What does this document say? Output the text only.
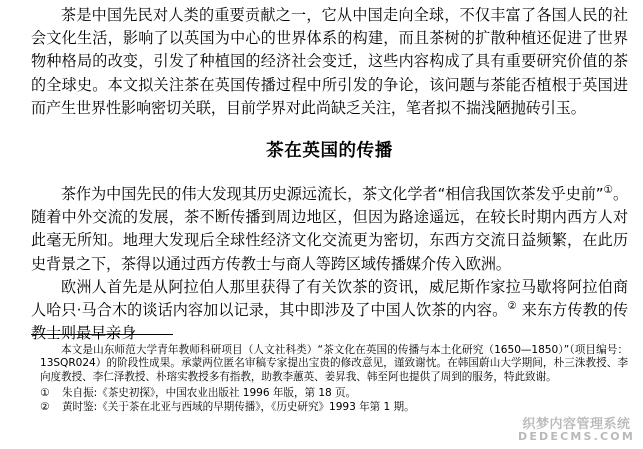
茶是中国先民对人类的重要贡献之一，它从中国走向全球，不仅丰富了各国人民的社会文化生活，影响了以英国为中心的世界体系的构建，而且茶树的扩散种植还促进了世界物种格局的改变，引发了种植国的经济社会变迁，这些内容构成了具有重要研究价值的茶的全球史。本文拟关注茶在英国传播过程中所引发的争论，该问题与茶能否植根于英国进而产生世界性影响密切关联，目前学界对此尚缺乏关注，笔者拟不揣浅陋抛砖引玉。

茶在英国的传播

茶作为中国先民的伟大发现其历史源远流长，茶文化学者“相信我国饮茶发乎史前”①。随着中外交流的发展，茶不断传播到周边地区，但因为路途遥远，在较长时期内西方人对此毫无所知。地理大发现后全球性经济文化交流更为密切，东西方交流日益频繁，在此历史背景之下，茶得以通过西方传教士与商人等跨区域传播媒介传入欧洲。

欧洲人首先是从阿拉伯人那里获得了有关饮茶的资讯，威尼斯作家拉马歇将阿拉伯商人哈只·马合木的谈话内容加以记录，其中即涉及了中国人饮茶的内容。② 来东方传教的传教士则最早亲身

本文是山东师范大学青年教师科研项目（人文社科类）“茶文化在英国的传播与本土化研究（1650—1850）”（项目编号：13SQR024）的阶段性成果。承蒙两位匿名审稿专家提出宝贵的修改意见，谨致谢忱。在韩国蔚山大学期间，朴三洙教授、李向度教授、李仁泽教授、朴瑢实教授多有指教，助教李蕙英、姜昇我、韩至阿也提供了周到的服务，特此致谢。

①	朱自振:《茶史初探》，中国农业出版社 1996 年版，第 18 页。
②	黄时鉴:《关于茶在北亚与西域的早期传播》，《历史研究》1993 年第 1 期。
织梦内容管理系统
DEDECMS.COM
